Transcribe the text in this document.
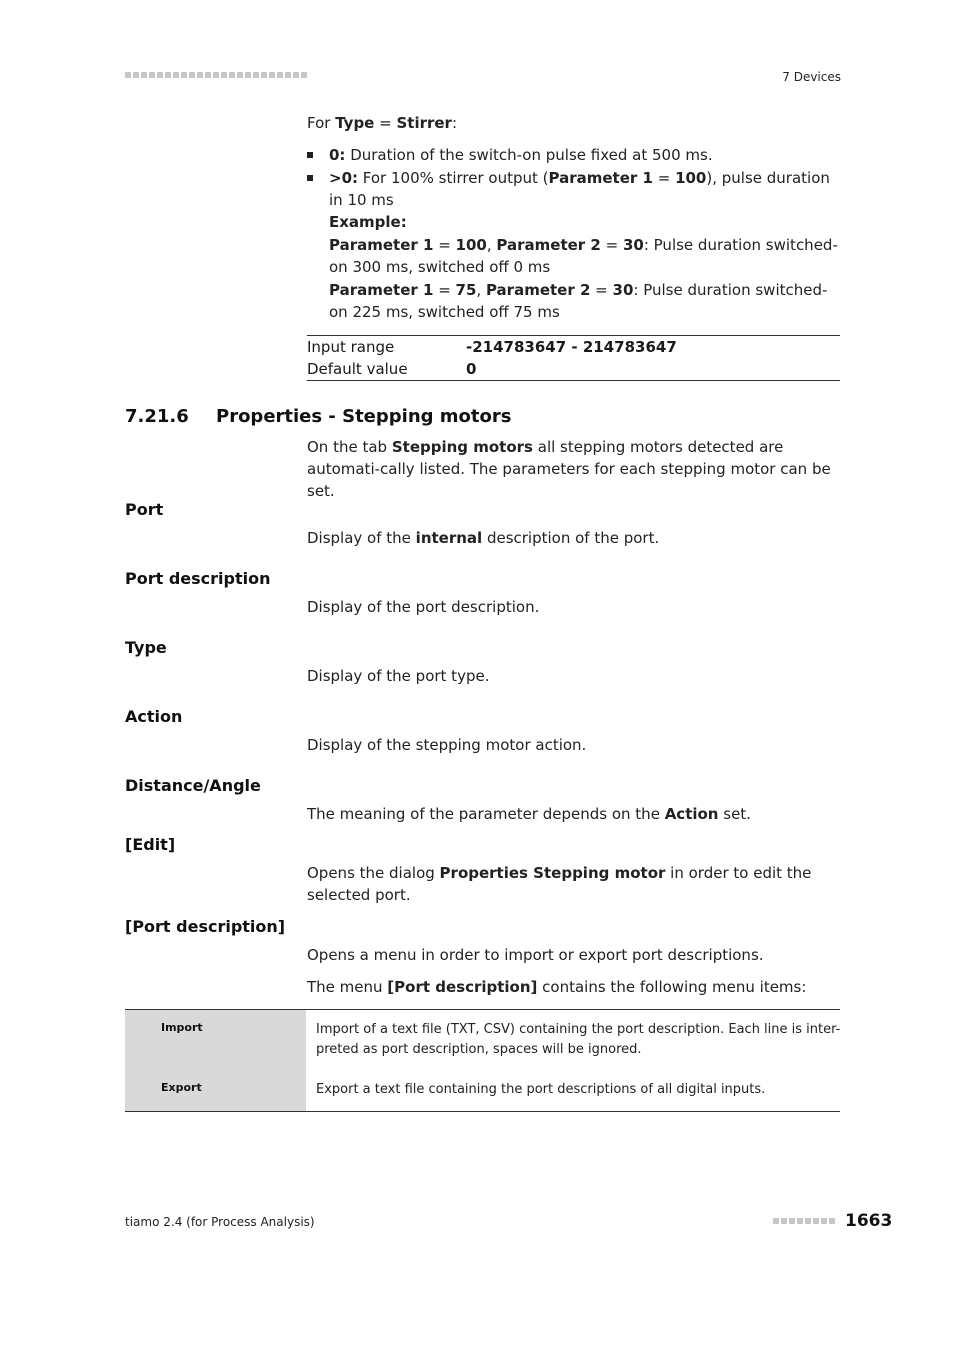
7 Devices
For Type = Stirrer:
0: Duration of the switch-on pulse fixed at 500 ms.
>0: For 100% stirrer output (Parameter 1 = 100), pulse duration in 10 ms
Example:
Parameter 1 = 100, Parameter 2 = 30: Pulse duration switched-on 300 ms, switched off 0 ms
Parameter 1 = 75, Parameter 2 = 30: Pulse duration switched-on 225 ms, switched off 75 ms
Input range	-214783647 - 214783647
Default value	0
7.21.6 Properties - Stepping motors
On the tab Stepping motors all stepping motors detected are automati-cally listed. The parameters for each stepping motor can be set.
Port
Display of the internal description of the port.
Port description
Display of the port description.
Type
Display of the port type.
Action
Display of the stepping motor action.
Distance/Angle
The meaning of the parameter depends on the Action set.
[Edit]
Opens the dialog Properties Stepping motor in order to edit the selected port.
[Port description]
Opens a menu in order to import or export port descriptions.
The menu [Port description] contains the following menu items:
Import	Import of a text file (TXT, CSV) containing the port description. Each line is inter-preted as port description, spaces will be ignored.
Export	Export a text file containing the port descriptions of all digital inputs.
tiamo 2.4 (for Process Analysis)	1663
